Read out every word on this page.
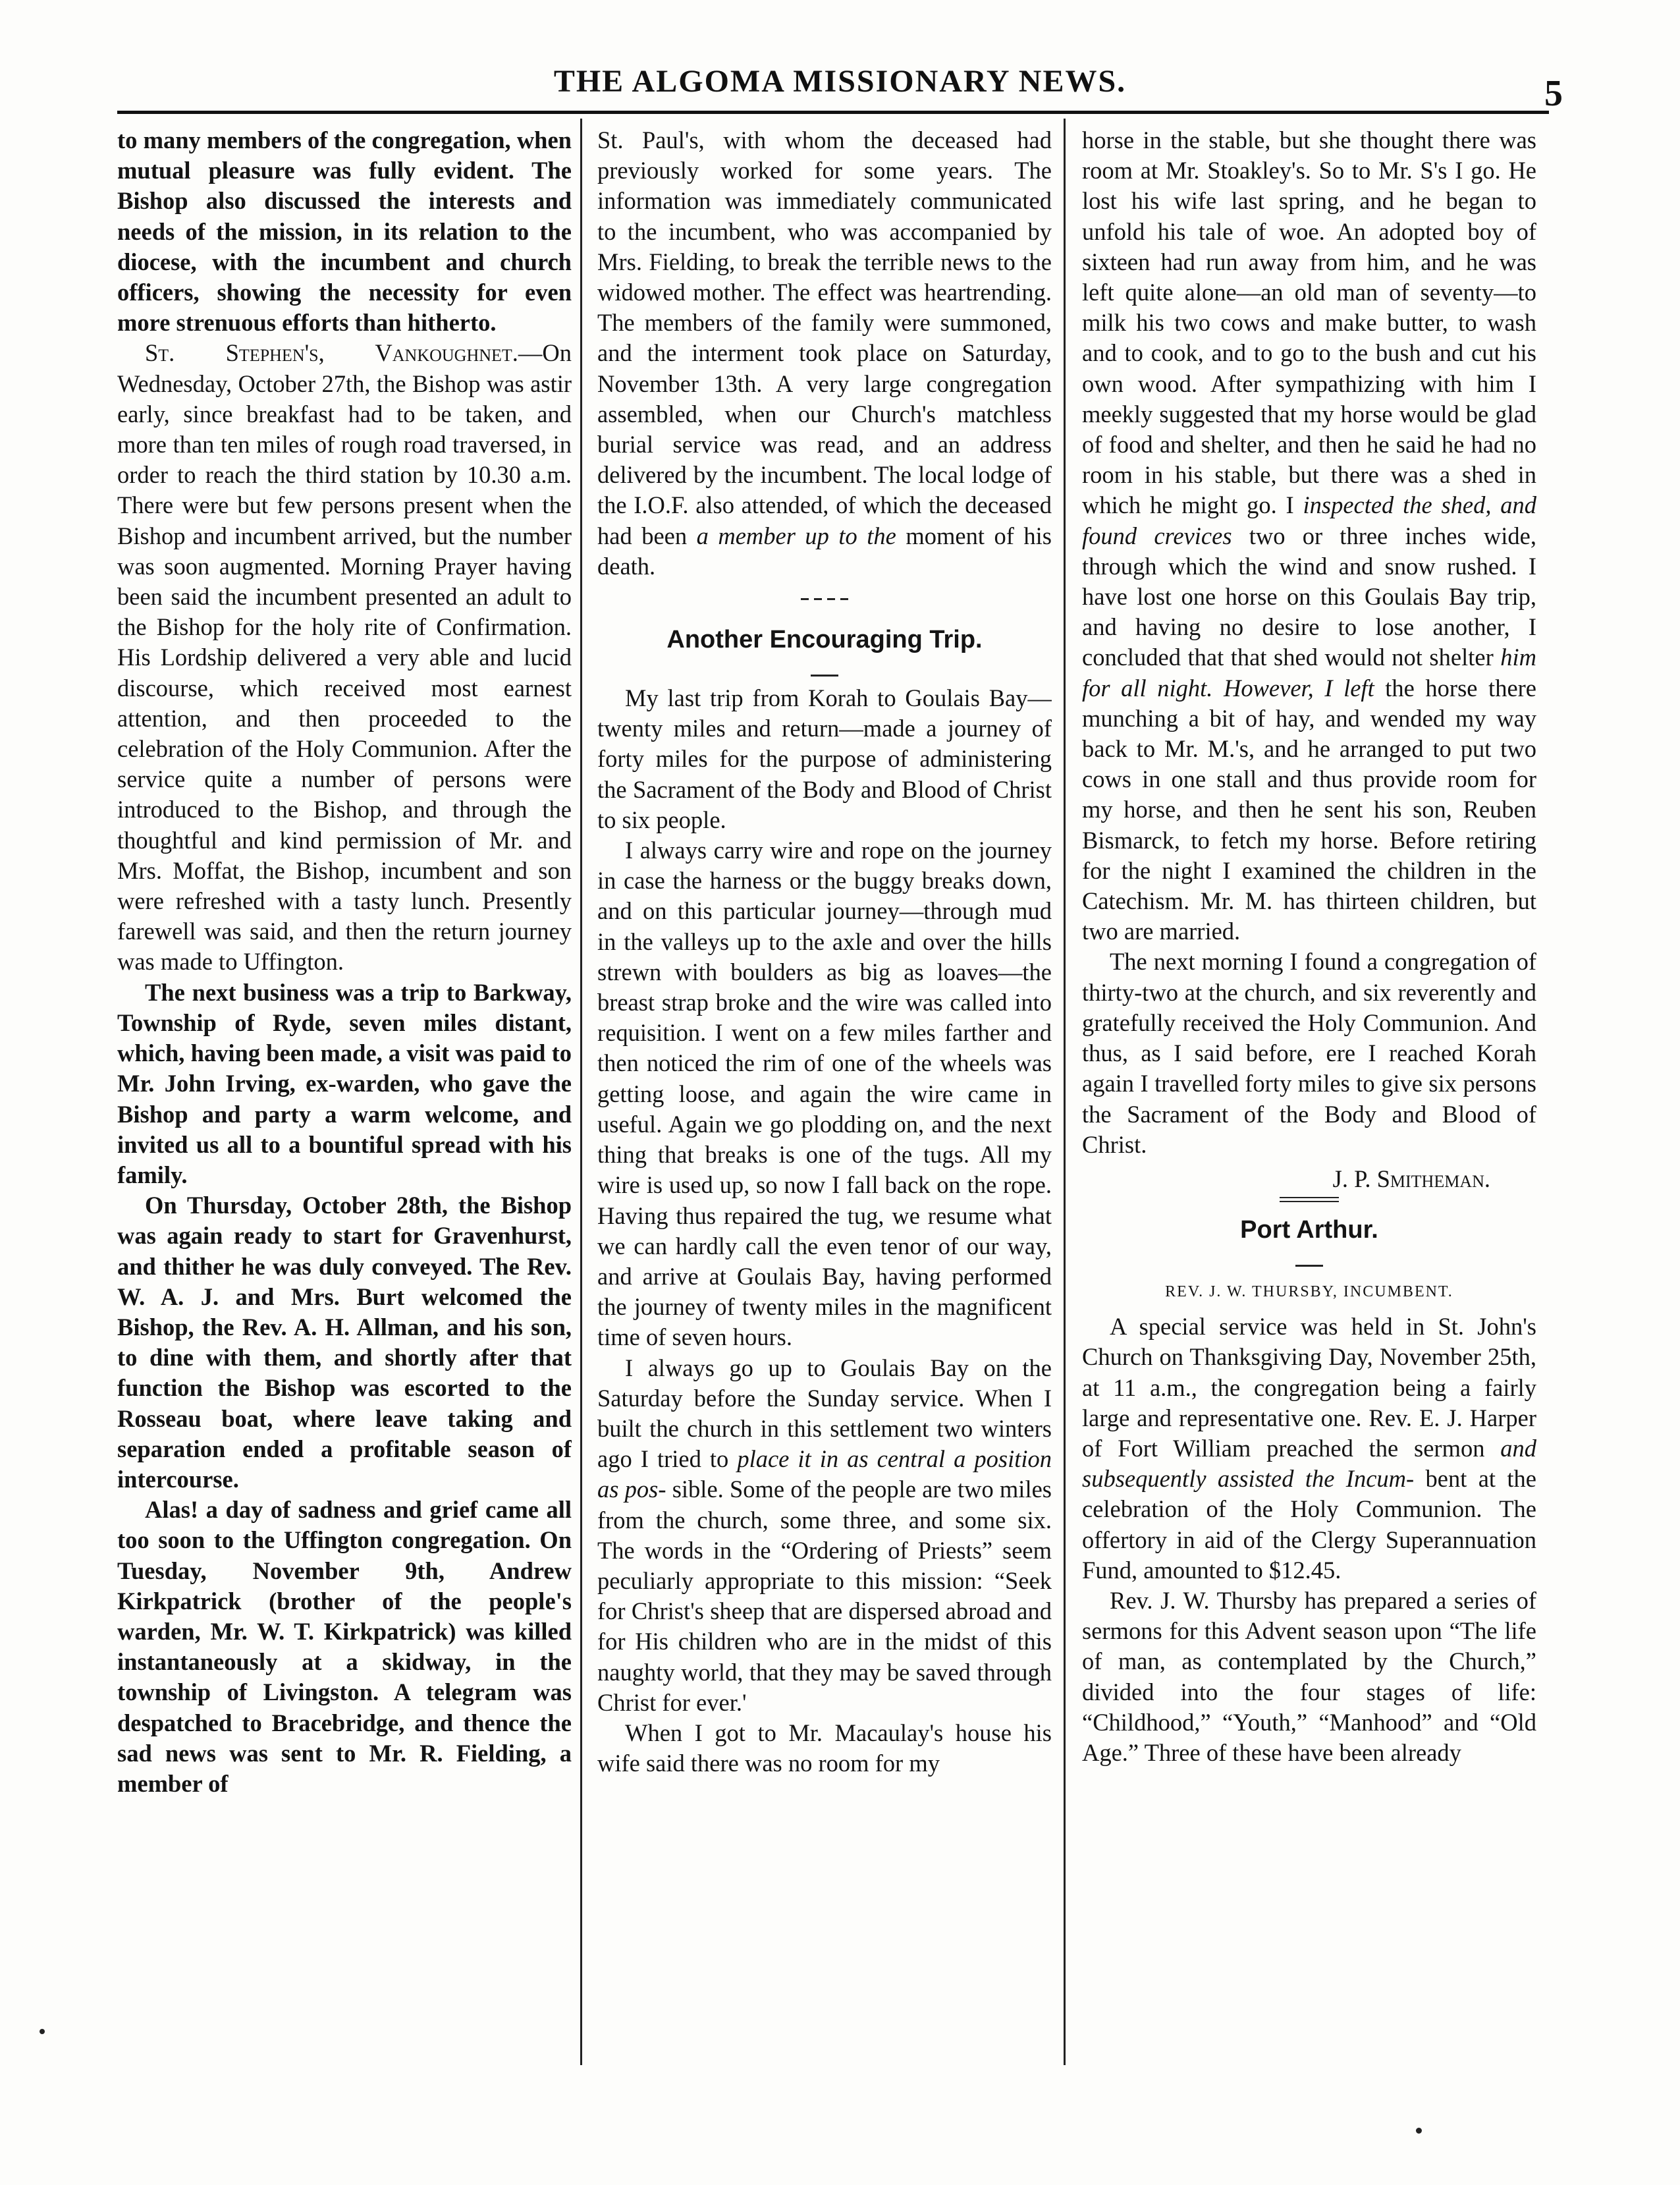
THE ALGOMA MISSIONARY NEWS.	5

to many members of the congregation, when mutual pleasure was fully evident. The Bishop also discussed the interests and needs of the mission, in its relation to the diocese, with the incumbent and church officers, showing the necessity for even more strenuous efforts than hitherto.

St. Stephen's, Vankoughnet.—On Wednesday, October 27th, the Bishop was astir early, since breakfast had to be taken, and more than ten miles of rough road traversed, in order to reach the third station by 10.30 a.m. There were but few persons present when the Bishop and incumbent arrived, but the number was soon augmented. Morning Prayer having been said the incumbent presented an adult to the Bishop for the holy rite of Confirmation. His Lordship delivered a very able and lucid discourse, which received most earnest attention, and then proceeded to the celebration of the Holy Communion. After the service quite a number of persons were introduced to the Bishop, and through the thoughtful and kind permission of Mr. and Mrs. Moffat, the Bishop, incumbent and son were refreshed with a tasty lunch. Presently farewell was said, and then the return journey was made to Uffington.

The next business was a trip to Barkway, Township of Ryde, seven miles distant, which, having been made, a visit was paid to Mr. John Irving, ex-warden, who gave the Bishop and party a warm welcome, and invited us all to a bountiful spread with his family.

On Thursday, October 28th, the Bishop was again ready to start for Gravenhurst, and thither he was duly conveyed. The Rev. W. A. J. and Mrs. Burt welcomed the Bishop, the Rev. A. H. Allman, and his son, to dine with them, and shortly after that function the Bishop was escorted to the Rosseau boat, where leave taking and separation ended a profitable season of intercourse.

Alas! a day of sadness and grief came all too soon to the Uffington congregation. On Tuesday, November 9th, Andrew Kirkpatrick (brother of the people's warden, Mr. W. T. Kirkpatrick) was killed instantaneously at a skidway, in the township of Livingston. A telegram was despatched to Bracebridge, and thence the sad news was sent to Mr. R. Fielding, a member of

St. Paul's, with whom the deceased had previously worked for some years. The information was immediately communicated to the incumbent, who was accompanied by Mrs. Fielding, to break the terrible news to the widowed mother. The effect was heartrending. The members of the family were summoned, and the interment took place on Saturday, November 13th. A very large congregation assembled, when our Church's matchless burial service was read, and an address delivered by the incumbent. The local lodge of the I.O.F. also attended, of which the deceased had been a member up to the moment of his death.

Another Encouraging Trip.

My last trip from Korah to Goulais Bay—twenty miles and return—made a journey of forty miles for the purpose of administering the Sacrament of the Body and Blood of Christ to six people.

I always carry wire and rope on the journey in case the harness or the buggy breaks down, and on this particular journey—through mud in the valleys up to the axle and over the hills strewn with boulders as big as loaves—the breast strap broke and the wire was called into requisition. I went on a few miles farther and then noticed the rim of one of the wheels was getting loose, and again the wire came in useful. Again we go plodding on, and the next thing that breaks is one of the tugs. All my wire is used up, so now I fall back on the rope. Having thus repaired the tug, we resume what we can hardly call the even tenor of our way, and arrive at Goulais Bay, having performed the journey of twenty miles in the magnificent time of seven hours.

I always go up to Goulais Bay on the Saturday before the Sunday service. When I built the church in this settlement two winters ago I tried to place it in as central a position as pos- sible. Some of the people are two miles from the church, some three, and some six. The words in the “Ordering of Priests” seem peculiarly appropriate to this mission: “Seek for Christ's sheep that are dispersed abroad and for His children who are in the midst of this naughty world, that they may be saved through Christ for ever.'

When I got to Mr. Macaulay's house his wife said there was no room for my

horse in the stable, but she thought there was room at Mr. Stoakley's. So to Mr. S's I go. He lost his wife last spring, and he began to unfold his tale of woe. An adopted boy of sixteen had run away from him, and he was left quite alone—an old man of seventy—to milk his two cows and make butter, to wash and to cook, and to go to the bush and cut his own wood. After sympathizing with him I meekly suggested that my horse would be glad of food and shelter, and then he said he had no room in his stable, but there was a shed in which he might go. I inspected the shed, and found crevices two or three inches wide, through which the wind and snow rushed. I have lost one horse on this Goulais Bay trip, and having no desire to lose another, I concluded that that shed would not shelter him for all night. However, I left the horse there munching a bit of hay, and wended my way back to Mr. M.'s, and he arranged to put two cows in one stall and thus provide room for my horse, and then he sent his son, Reuben Bismarck, to fetch my horse. Before retiring for the night I examined the children in the Catechism. Mr. M. has thirteen children, but two are married.

The next morning I found a congregation of thirty-two at the church, and six reverently and gratefully received the Holy Communion. And thus, as I said before, ere I reached Korah again I travelled forty miles to give six persons the Sacrament of the Body and Blood of Christ.

J. P. Smitheman.
Port Arthur.
REV. J. W. THURSBY, INCUMBENT.

A special service was held in St. John's Church on Thanksgiving Day, November 25th, at 11 a.m., the congregation being a fairly large and representative one. Rev. E. J. Harper of Fort William preached the sermon and subsequently assisted the Incum- bent at the celebration of the Holy Communion. The offertory in aid of the Clergy Superannuation Fund, amounted to $12.45.

Rev. J. W. Thursby has prepared a series of sermons for this Advent season upon “The life of man, as contemplated by the Church,” divided into the four stages of life: “Childhood,” “Youth,” “Manhood” and “Old Age.” Three of these have been already
